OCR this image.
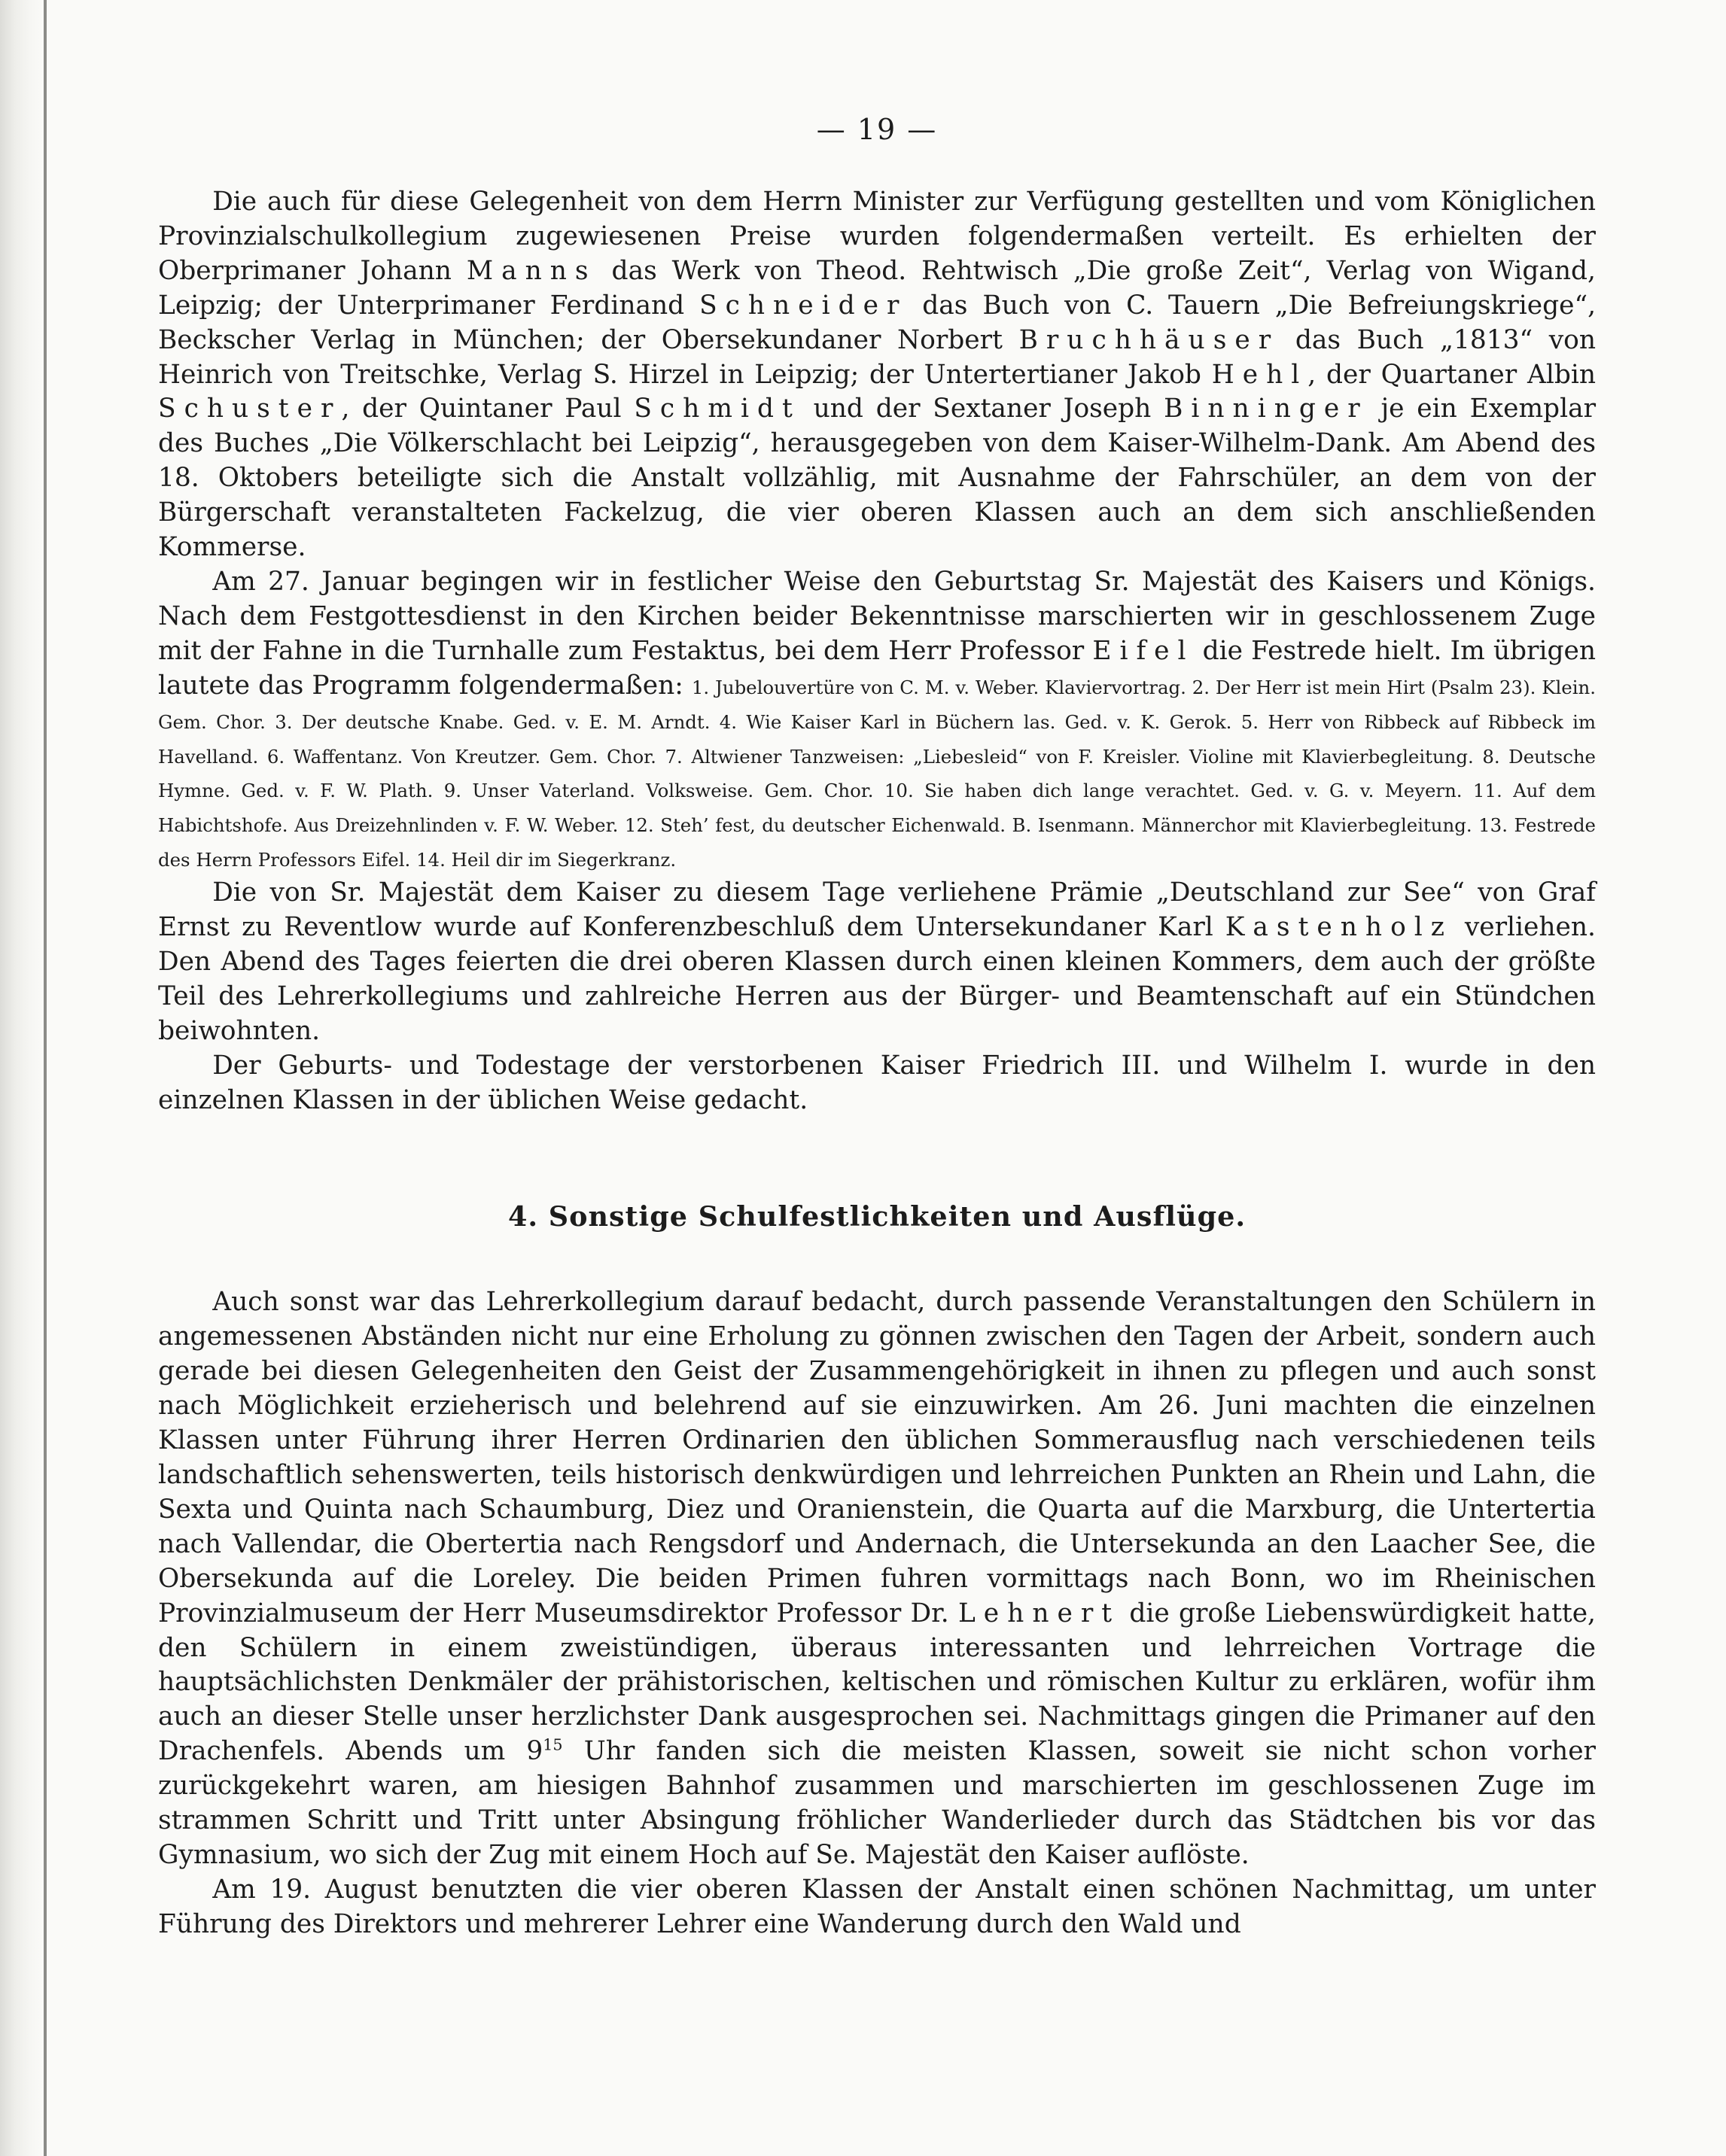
— 19 —

Die auch für diese Gelegenheit von dem Herrn Minister zur Verfügung gestellten und vom Königlichen Provinzialschulkollegium zugewiesenen Preise wurden folgendermaßen verteilt. Es erhielten der Oberprimaner Johann Manns das Werk von Theod. Rehtwisch „Die große Zeit“, Verlag von Wigand, Leipzig; der Unterprimaner Ferdinand Schneider das Buch von C. Tauern „Die Befreiungskriege“, Beckscher Verlag in München; der Obersekundaner Norbert Bruchhäuser das Buch „1813“ von Heinrich von Treitschke, Verlag S. Hirzel in Leipzig; der Untertertianer Jakob Hehl, der Quartaner Albin Schuster, der Quintaner Paul Schmidt und der Sextaner Joseph Binninger je ein Exemplar des Buches „Die Völkerschlacht bei Leipzig“, herausgegeben von dem Kaiser-Wilhelm-Dank. Am Abend des 18. Oktobers beteiligte sich die Anstalt vollzählig, mit Ausnahme der Fahrschüler, an dem von der Bürgerschaft veranstalteten Fackelzug, die vier oberen Klassen auch an dem sich anschließenden Kommerse.

Am 27. Januar begingen wir in festlicher Weise den Geburtstag Sr. Majestät des Kaisers und Königs. Nach dem Festgottesdienst in den Kirchen beider Bekenntnisse marschierten wir in geschlossenem Zuge mit der Fahne in die Turnhalle zum Festaktus, bei dem Herr Professor Eifel die Festrede hielt. Im übrigen lautete das Programm folgendermaßen: 1. Jubelouvertüre von C. M. v. Weber. Klaviervortrag. 2. Der Herr ist mein Hirt (Psalm 23). Klein. Gem. Chor. 3. Der deutsche Knabe. Ged. v. E. M. Arndt. 4. Wie Kaiser Karl in Büchern las. Ged. v. K. Gerok. 5. Herr von Ribbeck auf Ribbeck im Havelland. 6. Waffentanz. Von Kreutzer. Gem. Chor. 7. Altwiener Tanzweisen: „Liebesleid“ von F. Kreisler. Violine mit Klavierbegleitung. 8. Deutsche Hymne. Ged. v. F. W. Plath. 9. Unser Vaterland. Volksweise. Gem. Chor. 10. Sie haben dich lange verachtet. Ged. v. G. v. Meyern. 11. Auf dem Habichtshofe. Aus Dreizehnlinden v. F. W. Weber. 12. Steh’ fest, du deutscher Eichenwald. B. Isenmann. Männerchor mit Klavierbegleitung. 13. Festrede des Herrn Professors Eifel. 14. Heil dir im Siegerkranz.

Die von Sr. Majestät dem Kaiser zu diesem Tage verliehene Prämie „Deutschland zur See“ von Graf Ernst zu Reventlow wurde auf Konferenzbeschluß dem Untersekundaner Karl Kastenholz verliehen. Den Abend des Tages feierten die drei oberen Klassen durch einen kleinen Kommers, dem auch der größte Teil des Lehrerkollegiums und zahlreiche Herren aus der Bürger- und Beamtenschaft auf ein Stündchen beiwohnten.

Der Geburts- und Todestage der verstorbenen Kaiser Friedrich III. und Wilhelm I. wurde in den einzelnen Klassen in der üblichen Weise gedacht.

4. Sonstige Schulfestlichkeiten und Ausflüge.

Auch sonst war das Lehrerkollegium darauf bedacht, durch passende Veranstaltungen den Schülern in angemessenen Abständen nicht nur eine Erholung zu gönnen zwischen den Tagen der Arbeit, sondern auch gerade bei diesen Gelegenheiten den Geist der Zusammengehörigkeit in ihnen zu pflegen und auch sonst nach Möglichkeit erzieherisch und belehrend auf sie einzuwirken. Am 26. Juni machten die einzelnen Klassen unter Führung ihrer Herren Ordinarien den üblichen Sommerausflug nach verschiedenen teils landschaftlich sehenswerten, teils historisch denkwürdigen und lehrreichen Punkten an Rhein und Lahn, die Sexta und Quinta nach Schaumburg, Diez und Oranienstein, die Quarta auf die Marxburg, die Untertertia nach Vallendar, die Obertertia nach Rengsdorf und Andernach, die Untersekunda an den Laacher See, die Obersekunda auf die Loreley. Die beiden Primen fuhren vormittags nach Bonn, wo im Rheinischen Provinzialmuseum der Herr Museumsdirektor Professor Dr. Lehnert die große Liebenswürdigkeit hatte, den Schülern in einem zweistündigen, überaus interessanten und lehrreichen Vortrage die hauptsächlichsten Denkmäler der prähistorischen, keltischen und römischen Kultur zu erklären, wofür ihm auch an dieser Stelle unser herzlichster Dank ausgesprochen sei. Nachmittags gingen die Primaner auf den Drachenfels. Abends um $9^{15}$ Uhr fanden sich die meisten Klassen, soweit sie nicht schon vorher zurückgekehrt waren, am hiesigen Bahnhof zusammen und marschierten im geschlossenen Zuge im strammen Schritt und Tritt unter Absingung fröhlicher Wanderlieder durch das Städtchen bis vor das Gymnasium, wo sich der Zug mit einem Hoch auf Se. Majestät den Kaiser auflöste.

Am 19. August benutzten die vier oberen Klassen der Anstalt einen schönen Nachmittag, um unter Führung des Direktors und mehrerer Lehrer eine Wanderung durch den Wald und
